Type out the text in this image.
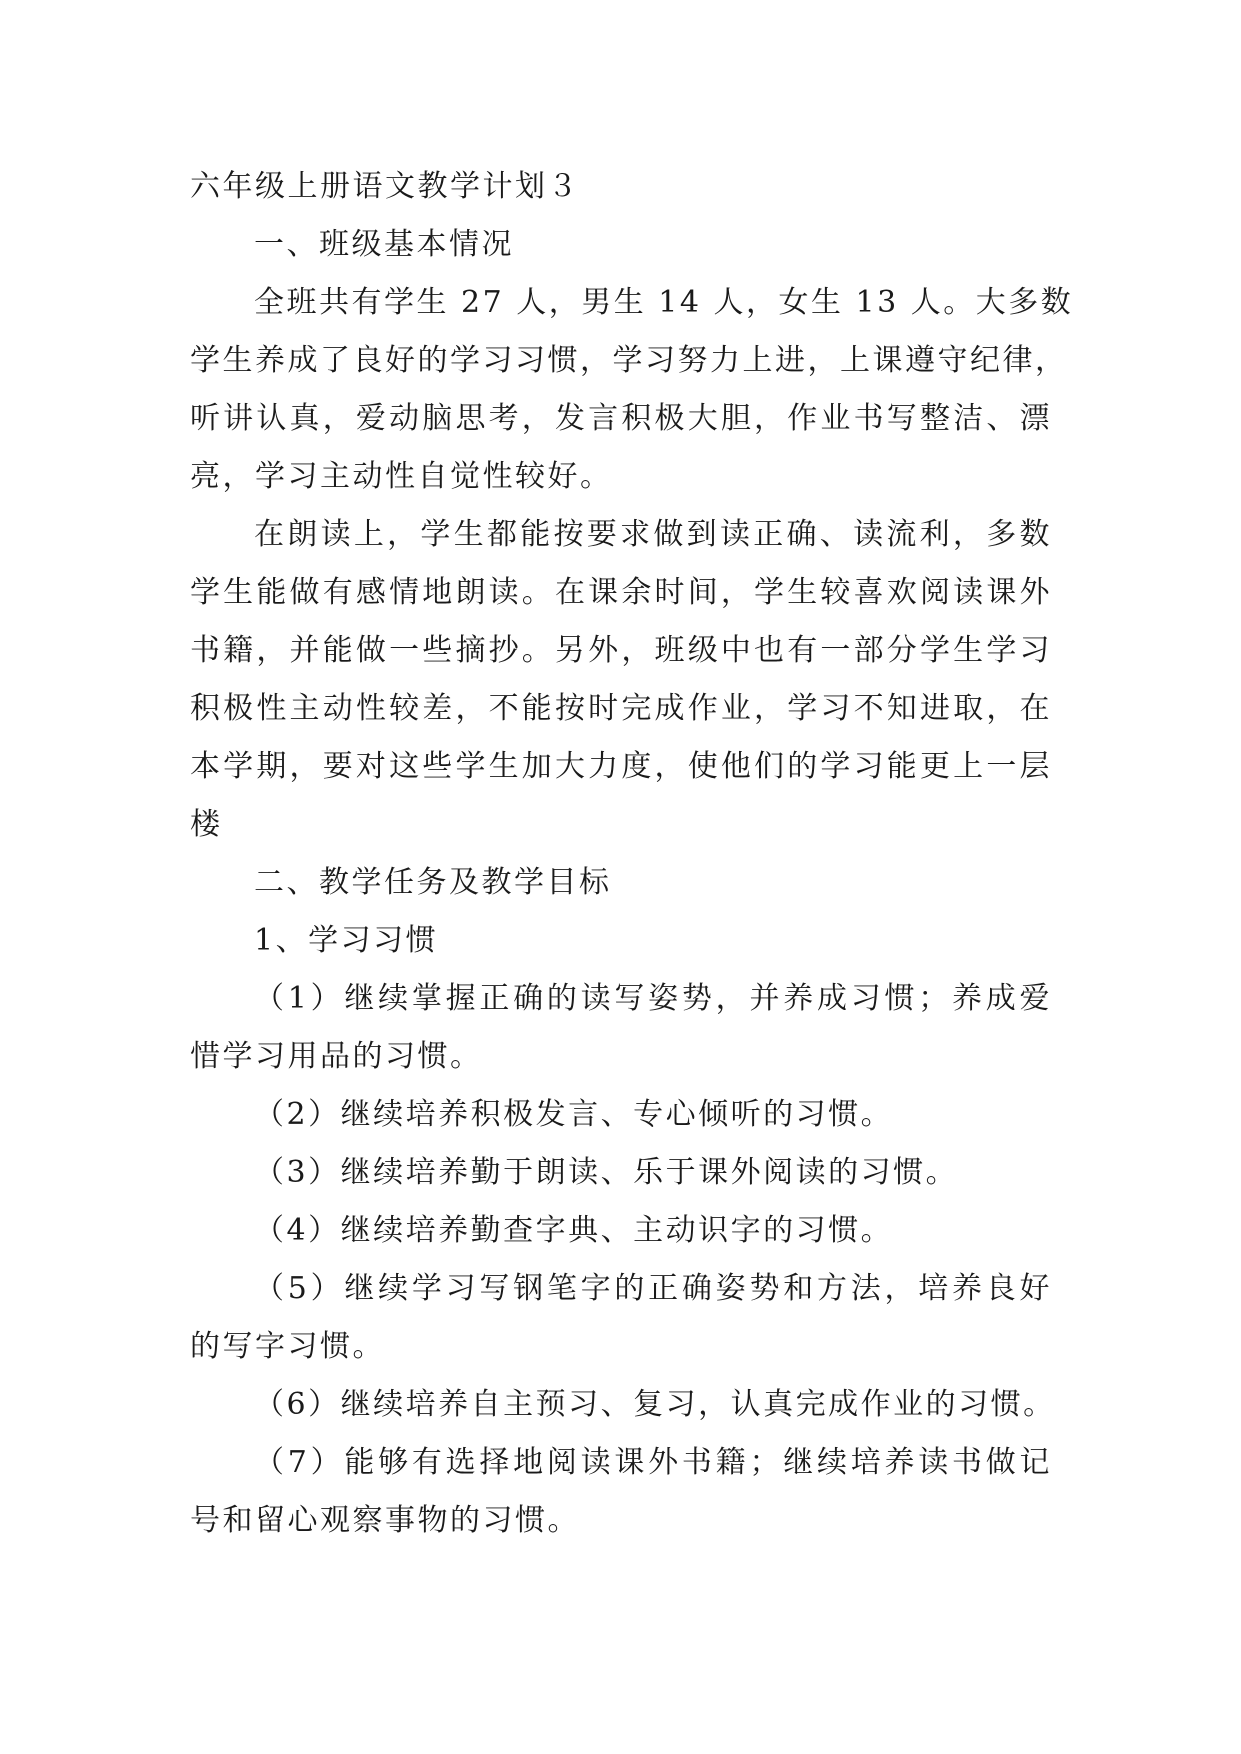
六年级上册语文教学计划３

一、班级基本情况

全班共有学生 27 人，男生 14 人，女生 13 人。大多数

学生养成了良好的学习习惯，学习努力上进，上课遵守纪律，

听讲认真，爱动脑思考，发言积极大胆，作业书写整洁、漂

亮，学习主动性自觉性较好。

在朗读上，学生都能按要求做到读正确、读流利，多数

学生能做有感情地朗读。在课余时间，学生较喜欢阅读课外

书籍，并能做一些摘抄。另外，班级中也有一部分学生学习

积极性主动性较差，不能按时完成作业，学习不知进取，在

本学期，要对这些学生加大力度，使他们的学习能更上一层

楼

二、教学任务及教学目标

1、学习习惯

（1）继续掌握正确的读写姿势，并养成习惯；养成爱

惜学习用品的习惯。

（2）继续培养积极发言、专心倾听的习惯。

（3）继续培养勤于朗读、乐于课外阅读的习惯。

（4）继续培养勤查字典、主动识字的习惯。

（5）继续学习写钢笔字的正确姿势和方法，培养良好

的写字习惯。

（6）继续培养自主预习、复习，认真完成作业的习惯。

（7）能够有选择地阅读课外书籍；继续培养读书做记

号和留心观察事物的习惯。
